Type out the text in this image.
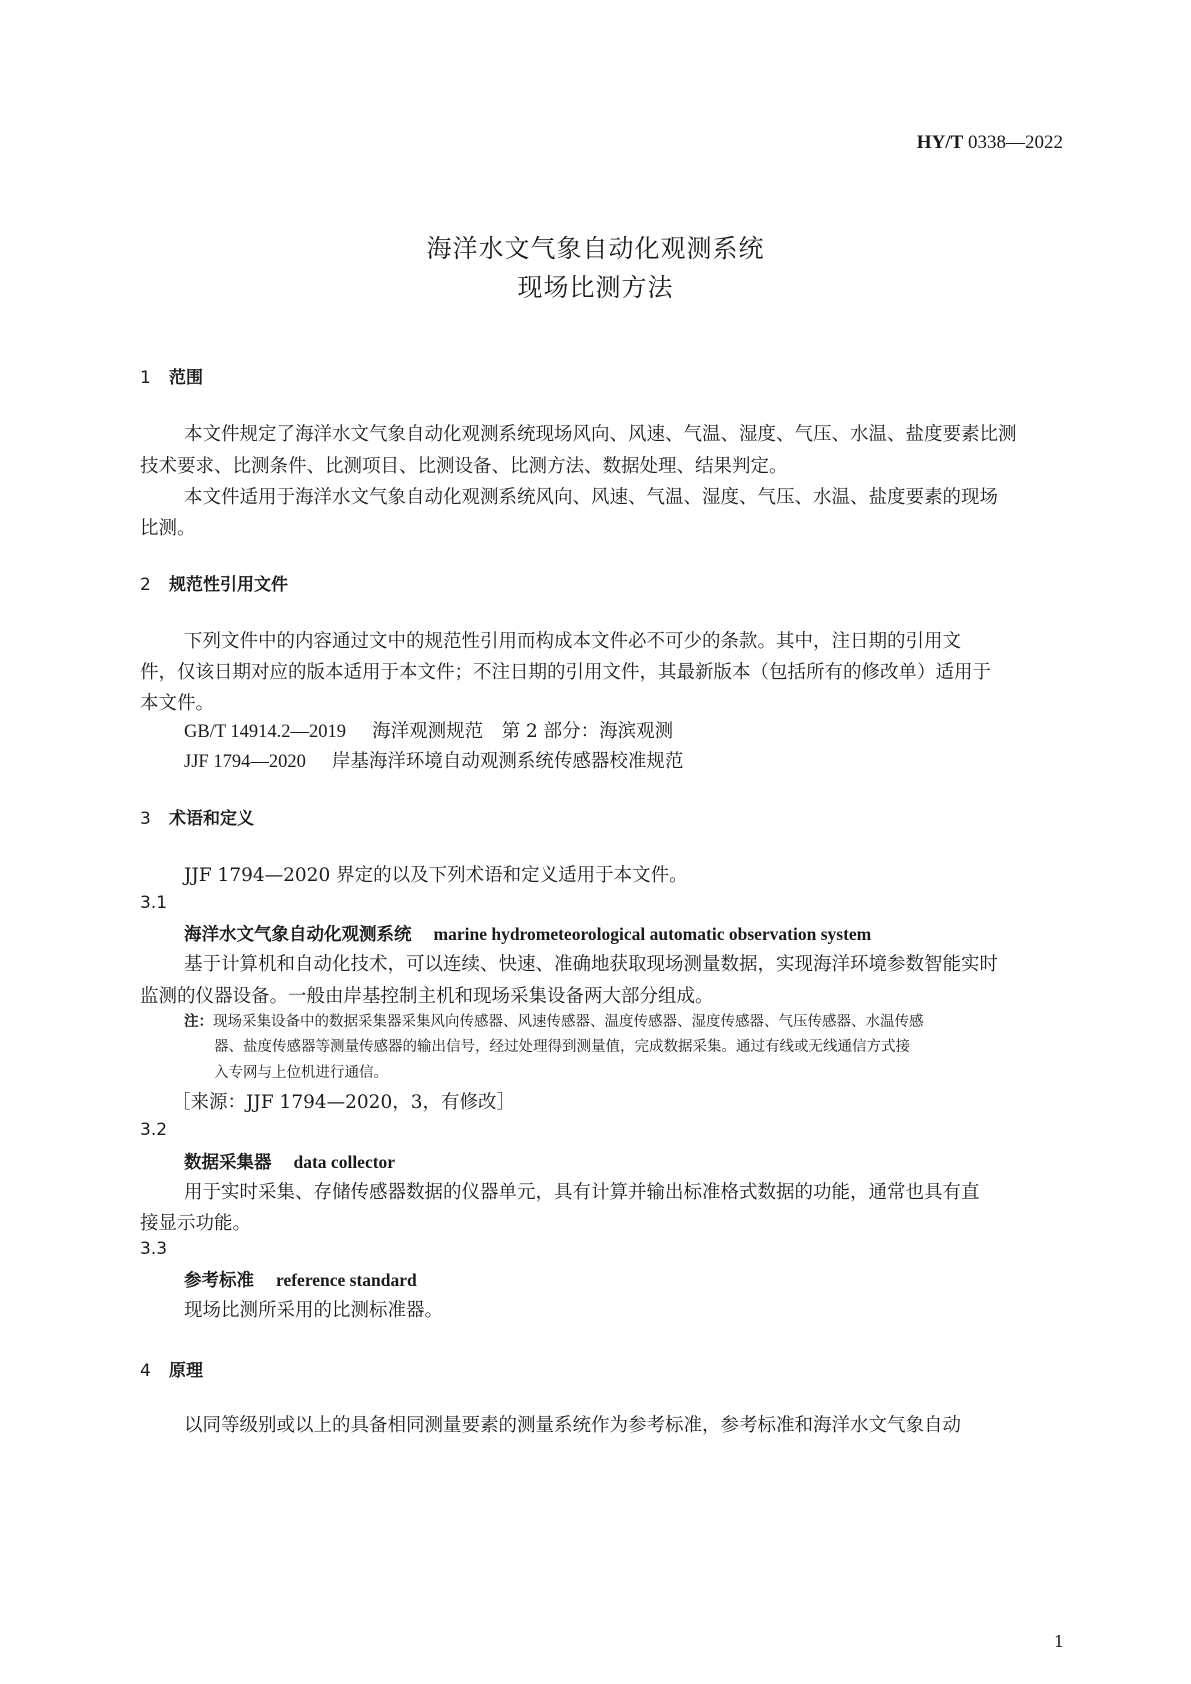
HY/T 0338—2022
海洋水文气象自动化观测系统
现场比测方法
1 范围
本文件规定了海洋水文气象自动化观测系统现场风向、风速、气温、湿度、气压、水温、盐度要素比测
技术要求、比测条件、比测项目、比测设备、比测方法、数据处理、结果判定。
本文件适用于海洋水文气象自动化观测系统风向、风速、气温、湿度、气压、水温、盐度要素的现场
比测。
2 规范性引用文件
下列文件中的内容通过文中的规范性引用而构成本文件必不可少的条款。其中，注日期的引用文
件，仅该日期对应的版本适用于本文件；不注日期的引用文件，其最新版本（包括所有的修改单）适用于
本文件。
GB/T 14914.2—2019 海洋观测规范　第 2 部分：海滨观测
JJF 1794—2020 岸基海洋环境自动观测系统传感器校准规范
3 术语和定义
JJF 1794—2020 界定的以及下列术语和定义适用于本文件。
3.1
海洋水文气象自动化观测系统 marine hydrometeorological automatic observation system
基于计算机和自动化技术，可以连续、快速、准确地获取现场测量数据，实现海洋环境参数智能实时
监测的仪器设备。一般由岸基控制主机和现场采集设备两大部分组成。
注：现场采集设备中的数据采集器采集风向传感器、风速传感器、温度传感器、湿度传感器、气压传感器、水温传感
器、盐度传感器等测量传感器的输出信号，经过处理得到测量值，完成数据采集。通过有线或无线通信方式接
入专网与上位机进行通信。
［来源：JJF 1794—2020，3，有修改］
3.2
数据采集器 data collector
用于实时采集、存储传感器数据的仪器单元，具有计算并输出标准格式数据的功能，通常也具有直
接显示功能。
3.3
参考标准 reference standard
现场比测所采用的比测标准器。
4 原理
以同等级别或以上的具备相同测量要素的测量系统作为参考标准，参考标准和海洋水文气象自动
1
